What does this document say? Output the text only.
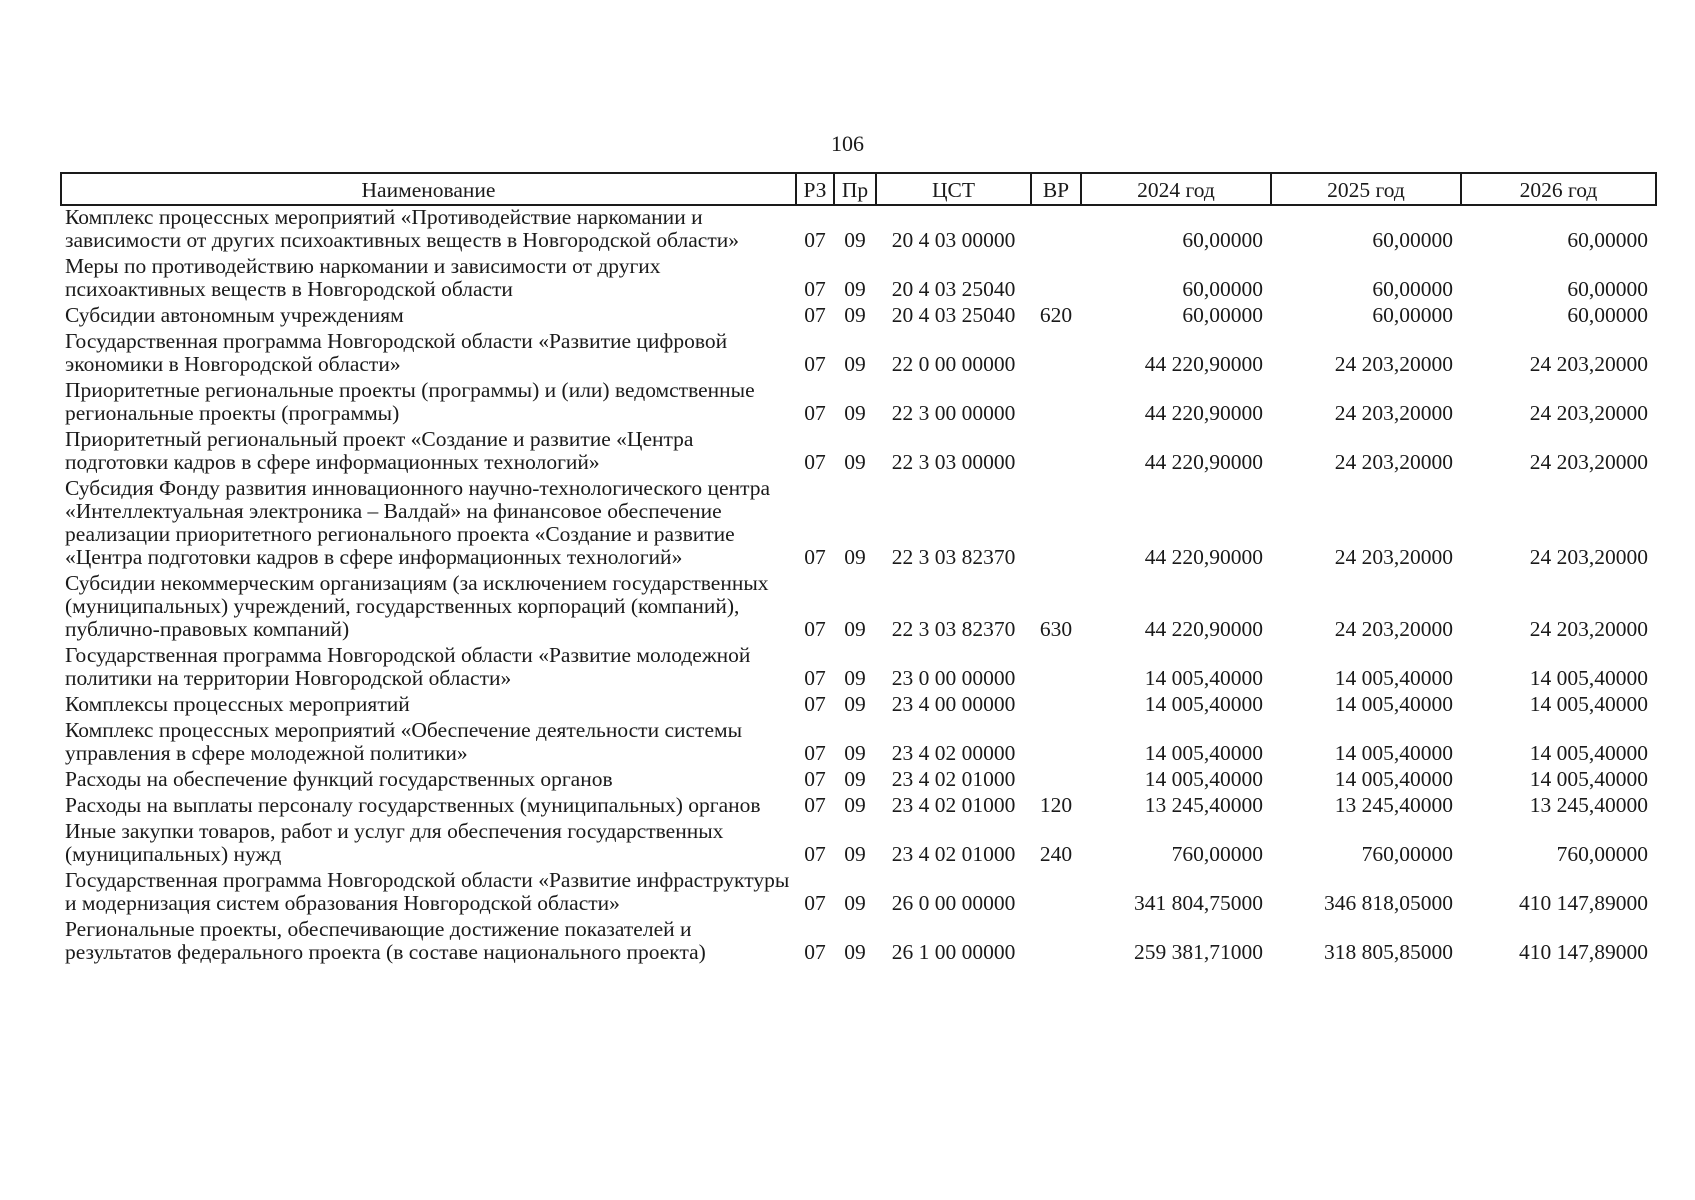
106
Наименование	РЗ	Пр	ЦСТ	ВР	2024 год	2025 год	2026 год
Комплекс процессных мероприятий «Противодействие наркомании и зависимости от других психоактивных веществ в Новгородской области»	07	09	20 4 03 00000		60,00000	60,00000	60,00000
Меры по противодействию наркомании и зависимости от других психоактивных веществ в Новгородской области	07	09	20 4 03 25040		60,00000	60,00000	60,00000
Субсидии автономным учреждениям	07	09	20 4 03 25040	620	60,00000	60,00000	60,00000
Государственная программа Новгородской области «Развитие цифровой экономики в Новгородской области»	07	09	22 0 00 00000		44 220,90000	24 203,20000	24 203,20000
Приоритетные региональные проекты (программы) и (или) ведомственные региональные проекты (программы)	07	09	22 3 00 00000		44 220,90000	24 203,20000	24 203,20000
Приоритетный региональный проект «Создание и развитие «Центра подготовки кадров в сфере информационных технологий»	07	09	22 3 03 00000		44 220,90000	24 203,20000	24 203,20000
Субсидия Фонду развития инновационного научно-технологического центра «Интеллектуальная электроника – Валдай» на финансовое обеспечение реализации приоритетного регионального проекта «Создание и развитие «Центра подготовки кадров в сфере информационных технологий»	07	09	22 3 03 82370		44 220,90000	24 203,20000	24 203,20000
Субсидии некоммерческим организациям (за исключением государственных (муниципальных) учреждений, государственных корпораций (компаний), публично-правовых компаний)	07	09	22 3 03 82370	630	44 220,90000	24 203,20000	24 203,20000
Государственная программа Новгородской области «Развитие молодежной политики на территории Новгородской области»	07	09	23 0 00 00000		14 005,40000	14 005,40000	14 005,40000
Комплексы процессных мероприятий	07	09	23 4 00 00000		14 005,40000	14 005,40000	14 005,40000
Комплекс процессных мероприятий «Обеспечение деятельности системы управления в сфере молодежной политики»	07	09	23 4 02 00000		14 005,40000	14 005,40000	14 005,40000
Расходы на обеспечение функций государственных органов	07	09	23 4 02 01000		14 005,40000	14 005,40000	14 005,40000
Расходы на выплаты персоналу государственных (муниципальных) органов	07	09	23 4 02 01000	120	13 245,40000	13 245,40000	13 245,40000
Иные закупки товаров, работ и услуг для обеспечения государственных (муниципальных) нужд	07	09	23 4 02 01000	240	760,00000	760,00000	760,00000
Государственная программа Новгородской области «Развитие инфраструктуры и модернизация систем образования Новгородской области»	07	09	26 0 00 00000		341 804,75000	346 818,05000	410 147,89000
Региональные проекты, обеспечивающие достижение показателей и результатов федерального проекта (в составе национального проекта)	07	09	26 1 00 00000		259 381,71000	318 805,85000	410 147,89000
